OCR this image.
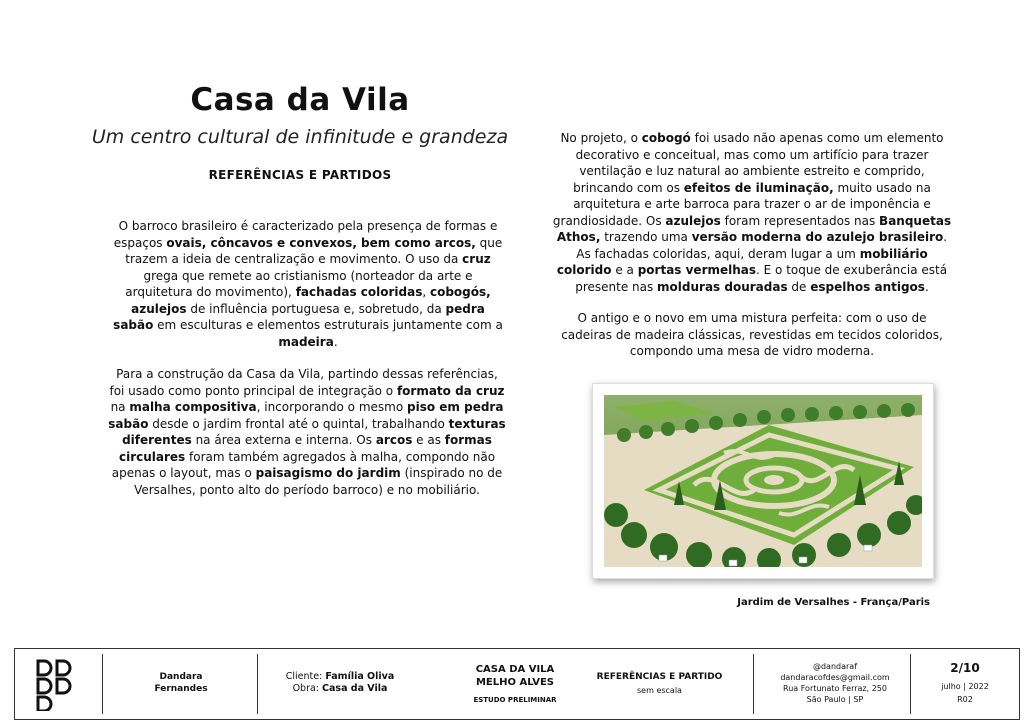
Casa da Vila
Um centro cultural de infinitude e grandeza
REFERÊNCIAS E PARTIDOS
O barroco brasileiro é caracterizado pela presença de formas e espaços ovais, côncavos e convexos, bem como arcos, que trazem a ideia de centralização e movimento. O uso da cruz grega que remete ao cristianismo (norteador da arte e arquitetura do movimento), fachadas coloridas, cobogós, azulejos de influência portuguesa e, sobretudo, da pedra sabão em esculturas e elementos estruturais juntamente com a madeira.
Para a construção da Casa da Vila, partindo dessas referências, foi usado como ponto principal de integração o formato da cruz na malha compositiva, incorporando o mesmo piso em pedra sabão desde o jardim frontal até o quintal, trabalhando texturas diferentes na área externa e interna. Os arcos e as formas circulares foram também agregados à malha, compondo não apenas o layout, mas o paisagismo do jardim (inspirado no de Versalhes, ponto alto do período barroco) e no mobiliário.
No projeto, o cobogó foi usado não apenas como um elemento decorativo e conceitual, mas como um artifício para trazer ventilação e luz natural ao ambiente estreito e comprido, brincando com os efeitos de iluminação, muito usado na arquitetura e arte barroca para trazer o ar de imponência e grandiosidade. Os azulejos foram representados nas Banquetas Athos, trazendo uma versão moderna do azulejo brasileiro. As fachadas coloridas, aqui, deram lugar a um mobiliário colorido e a portas vermelhas. E o toque de exuberância está presente nas molduras douradas de espelhos antigos.
O antigo e o novo em uma mistura perfeita: com o uso de cadeiras de madeira clássicas, revestidas em tecidos coloridos, compondo uma mesa de vidro moderna.
Jardim de Versalhes - França/Paris
Dandara
Fernandes
Cliente: Família Oliva
Obra: Casa da Vila
CASA DA VILA
MELHO ALVES
ESTUDO PRELIMINAR
REFERÊNCIAS E PARTIDO
sem escala
@dandaraf
dandaracofdes@gmail.com
Rua Fortunato Ferraz, 250
São Paulo | SP
2/10
julho | 2022
R02
